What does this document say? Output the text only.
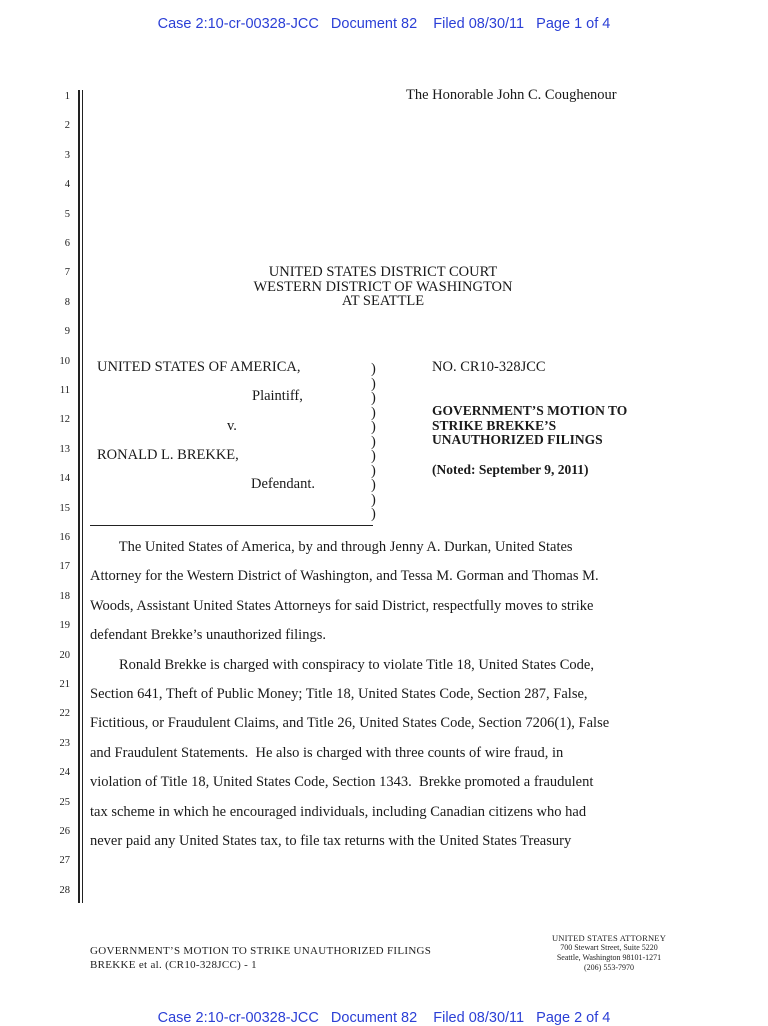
Case 2:10-cr-00328-JCC   Document 82    Filed 08/30/11   Page 1 of 4
1
2
3
4
5
6
7
8
9
10
11
12
13
14
15
16
17
18
19
20
21
22
23
24
25
26
27
28
The Honorable John C. Coughenour
UNITED STATES DISTRICT COURT
WESTERN DISTRICT OF WASHINGTON
AT SEATTLE
UNITED STATES OF AMERICA,
Plaintiff,
v.
RONALD L. BREKKE,
Defendant.
)
)
)
)
)
)
)
)
)
)
)
NO. CR10-328JCC
GOVERNMENT’S MOTION TO
STRIKE BREKKE’S
UNAUTHORIZED FILINGS
(Noted: September 9, 2011)
The United States of America, by and through Jenny A. Durkan, United States
Attorney for the Western District of Washington, and Tessa M. Gorman and Thomas M.
Woods, Assistant United States Attorneys for said District, respectfully moves to strike
defendant Brekke’s unauthorized filings.
Ronald Brekke is charged with conspiracy to violate Title 18, United States Code,
Section 641, Theft of Public Money; Title 18, United States Code, Section 287, False,
Fictitious, or Fraudulent Claims, and Title 26, United States Code, Section 7206(1), False
and Fraudulent Statements.  He also is charged with three counts of wire fraud, in
violation of Title 18, United States Code, Section 1343.  Brekke promoted a fraudulent
tax scheme in which he encouraged individuals, including Canadian citizens who had
never paid any United States tax, to file tax returns with the United States Treasury
GOVERNMENT’S MOTION TO STRIKE UNAUTHORIZED FILINGS
BREKKE et al. (CR10-328JCC) - 1
UNITED STATES ATTORNEY
700 Stewart Street, Suite 5220
Seattle, Washington 98101-1271
(206) 553-7970
Case 2:10-cr-00328-JCC   Document 82    Filed 08/30/11   Page 2 of 4
